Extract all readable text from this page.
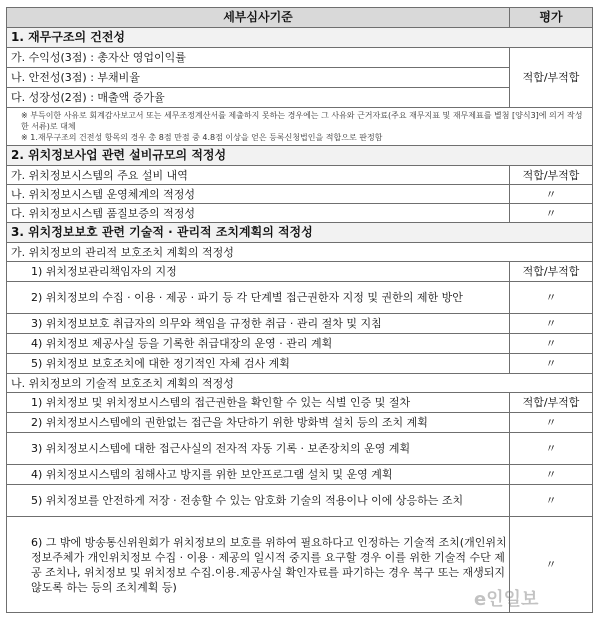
세부심사기준	평가
1. 재무구조의 건전성	
가. 수익성(3점) : 총자산 영업이익률	적합/부적합
나. 안전성(3점) : 부채비율	
다. 성장성(2점) : 매출액 증가율	

※ 부득이한 사유로 회계감사보고서 또는 세무조정계산서를 제출하지 못하는 경우에는 그 사유와 근거자료(주요 재무지표 및 재무제표를 별첨 [양식3]에 의거 작성한 서류)로 대체
※ 1.재무구조의 건전성 항목의 경우 총 8점 만점 중 4.8점 이상을 얻은 등록신청법인을 적합으로 판정함	

2. 위치정보사업 관련 설비규모의 적정성	
가. 위치정보시스템의 주요 설비 내역	적합/부적합
나. 위치정보시스템 운영체계의 적정성	〃
다. 위치정보시스템 품질보증의 적정성	〃
3. 위치정보보호 관련 기술적 · 관리적 조치계획의 적정성	
가. 위치정보의 관리적 보호조치 계획의 적정성	
1) 위치정보관리책임자의 지정	적합/부적합
2) 위치정보의 수집 · 이용 · 제공 · 파기 등 각 단계별 접근권한자 지정 및 권한의 제한 방안	〃
3) 위치정보보호 취급자의 의무와 책임을 규정한 취급 · 관리 절차 및 지침	〃
4) 위치정보 제공사실 등을 기록한 취급대장의 운영 · 관리 계획	〃
5) 위치정보 보호조치에 대한 정기적인 자체 검사 계획	〃
나. 위치정보의 기술적 보호조치 계획의 적정성	
1) 위치정보 및 위치정보시스템의 접근권한을 확인할 수 있는 식별 인증 및 절차	적합/부적합
2) 위치정보시스템에의 권한없는 접근을 차단하기 위한 방화벽 설치 등의 조치 계획	〃
3) 위치정보시스템에 대한 접근사실의 전자적 자동 기록 · 보존장치의 운영 계획	〃
4) 위치정보시스템의 침해사고 방지를 위한 보안프로그램 설치 및 운영 계획	〃
5) 위치정보를 안전하게 저장 · 전송할 수 있는 암호화 기술의 적용이나 이에 상응하는 조치	〃
6) 그 밖에 방송통신위원회가 위치정보의 보호를 위하여 필요하다고 인정하는 기술적 조치(개인위치정보주체가 개인위치정보 수집 · 이용 · 제공의 일시적 중지를 요구할 경우 이를 위한 기술적 수단 제공 조치나, 위치정보 및 위치정보 수집.이용.제공사실 확인자료를 파기하는 경우 복구 또는 재생되지 않도록 하는 등의 조치계획 등)	〃
e인일보
